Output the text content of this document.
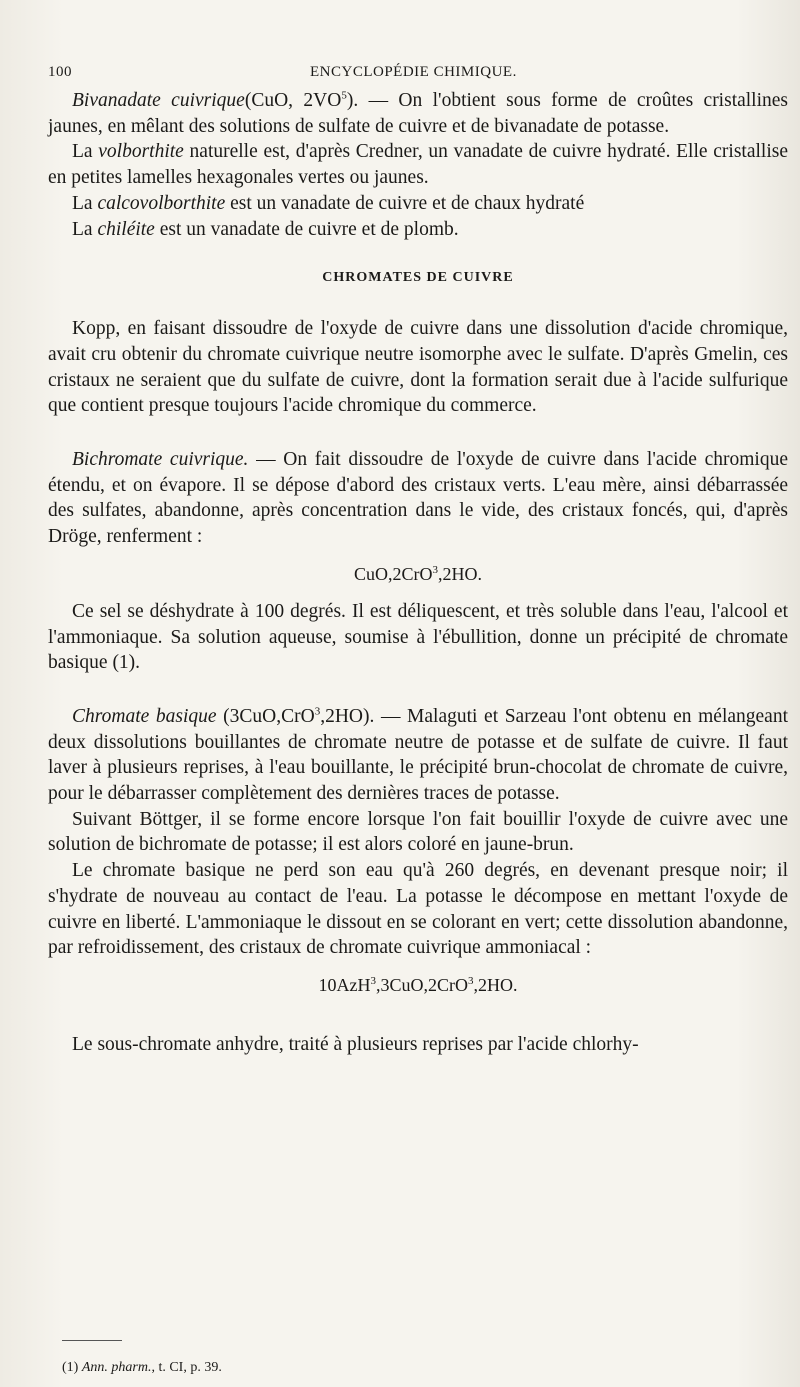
100	ENCYCLOPÉDIE CHIMIQUE.

Bivanadate cuivrique(CuO, $2VO^5$). — On l'obtient sous forme de croûtes cristallines jaunes, en mêlant des solutions de sulfate de cuivre et de bivanadate de potasse.

La volborthite naturelle est, d'après Credner, un vanadate de cuivre hydraté. Elle cristallise en petites lamelles hexagonales vertes ou jaunes.

La calcovolborthite est un vanadate de cuivre et de chaux hydraté

La chiléite est un vanadate de cuivre et de plomb.

CHROMATES DE CUIVRE

Kopp, en faisant dissoudre de l'oxyde de cuivre dans une dissolution d'acide chromique, avait cru obtenir du chromate cuivrique neutre isomorphe avec le sulfate. D'après Gmelin, ces cristaux ne seraient que du sulfate de cuivre, dont la formation serait due à l'acide sulfurique que contient presque toujours l'acide chromique du commerce.

Bichromate cuivrique. — On fait dissoudre de l'oxyde de cuivre dans l'acide chromique étendu, et on évapore. Il se dépose d'abord des cristaux verts. L'eau mère, ainsi débarrassée des sulfates, abandonne, après concentration dans le vide, des cristaux foncés, qui, d'après Dröge, renferment :

CuO,2CrO$^3$,2HO.

Ce sel se déshydrate à 100 degrés. Il est déliquescent, et très soluble dans l'eau, l'alcool et l'ammoniaque. Sa solution aqueuse, soumise à l'ébullition, donne un précipité de chromate basique (1).

Chromate basique (3CuO,CrO$^3$,2HO). — Malaguti et Sarzeau l'ont obtenu en mélangeant deux dissolutions bouillantes de chromate neutre de potasse et de sulfate de cuivre. Il faut laver à plusieurs reprises, à l'eau bouillante, le précipité brun-chocolat de chromate de cuivre, pour le débarrasser complètement des dernières traces de potasse.

Suivant Böttger, il se forme encore lorsque l'on fait bouillir l'oxyde de cuivre avec une solution de bichromate de potasse; il est alors coloré en jaune-brun.

Le chromate basique ne perd son eau qu'à 260 degrés, en devenant presque noir; il s'hydrate de nouveau au contact de l'eau. La potasse le décompose en mettant l'oxyde de cuivre en liberté. L'ammoniaque le dissout en se colorant en vert; cette dissolution abandonne, par refroidissement, des cristaux de chromate cuivrique ammoniacal :

10AzH$^3$,3CuO,2CrO$^3$,2HO.

Le sous-chromate anhydre, traité à plusieurs reprises par l'acide chlorhy-

(1) Ann. pharm., t. CI, p. 39.
